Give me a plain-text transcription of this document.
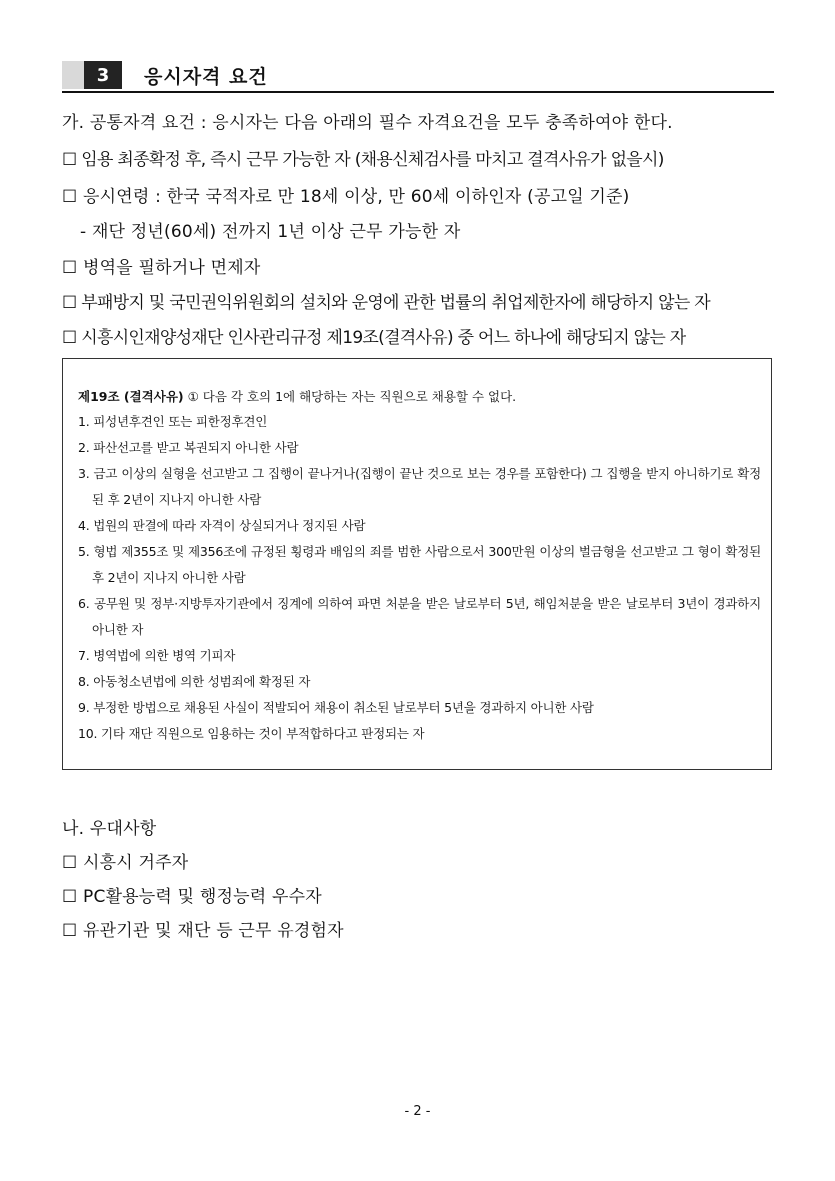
3	응시자격 요건
가. 공통자격 요건 : 응시자는 다음 아래의 필수 자격요건을 모두 충족하여야 한다.
☐ 임용 최종확정 후, 즉시 근무 가능한 자 (채용신체검사를 마치고 결격사유가 없을시)
☐ 응시연령 : 한국 국적자로 만 18세 이상, 만 60세 이하인자 (공고일 기준)
- 재단 정년(60세) 전까지 1년 이상 근무 가능한 자
☐ 병역을 필하거나 면제자
☐ 부패방지 및 국민권익위원회의 설치와 운영에 관한 법률의 취업제한자에 해당하지 않는 자
☐ 시흥시인재양성재단 인사관리규정 제19조(결격사유) 중 어느 하나에 해당되지 않는 자
제19조 (결격사유) ① 다음 각 호의 1에 해당하는 자는 직원으로 채용할 수 없다.
1. 피성년후견인 또는 피한정후견인
2. 파산선고를 받고 복권되지 아니한 사람
3. 금고 이상의 실형을 선고받고 그 집행이 끝나거나(집행이 끝난 것으로 보는 경우를 포함한다) 그 집행을 받지 아니하기로 확정된 후 2년이 지나지 아니한 사람
4. 법원의 판결에 따라 자격이 상실되거나 정지된 사람
5. 형법 제355조 및 제356조에 규정된 횡령과 배임의 죄를 범한 사람으로서 300만원 이상의 벌금형을 선고받고 그 형이 확정된 후 2년이 지나지 아니한 사람
6. 공무원 및 정부·지방투자기관에서 징계에 의하여 파면 처분을 받은 날로부터 5년, 해임처분을 받은 날로부터 3년이 경과하지 아니한 자
7. 병역법에 의한 병역 기피자
8. 아동청소년법에 의한 성범죄에 확정된 자
9. 부정한 방법으로 채용된 사실이 적발되어 채용이 취소된 날로부터 5년을 경과하지 아니한 사람
10. 기타 재단 직원으로 임용하는 것이 부적합하다고 판정되는 자
나. 우대사항
☐ 시흥시 거주자
☐ PC활용능력 및 행정능력 우수자
☐ 유관기관 및 재단 등 근무 유경험자
- 2 -
